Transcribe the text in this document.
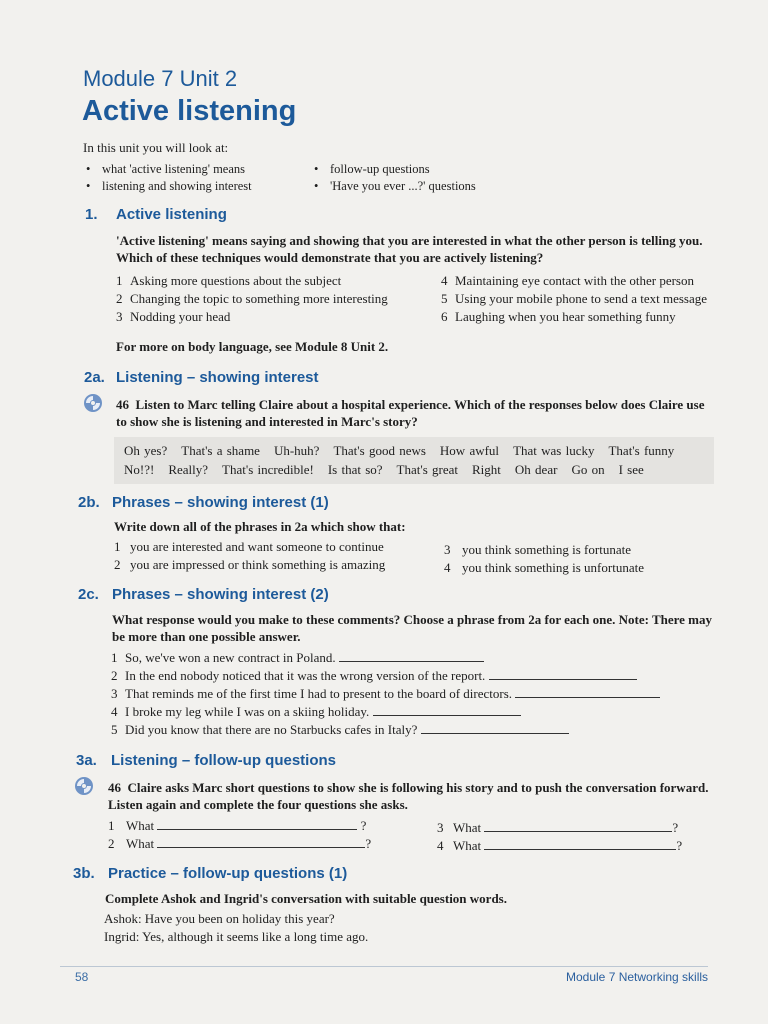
Module 7 Unit 2
Active listening
In this unit you will look at:
• what 'active listening' means
• listening and showing interest
• follow-up questions
• 'Have you ever ...?' questions
1. Active listening
'Active listening' means saying and showing that you are interested in what the other person is telling you. Which of these techniques would demonstrate that you are actively listening?
1 Asking more questions about the subject
2 Changing the topic to something more interesting
3 Nodding your head
4 Maintaining eye contact with the other person
5 Using your mobile phone to send a text message
6 Laughing when you hear something funny
For more on body language, see Module 8 Unit 2.
2a. Listening – showing interest
46 Listen to Marc telling Claire about a hospital experience. Which of the responses below does Claire use to show she is listening and interested in Marc's story?
Oh yes? That's a shame Uh-huh? That's good news How awful That was lucky That's funny
No!?! Really? That's incredible! Is that so? That's great Right Oh dear Go on I see
2b. Phrases – showing interest (1)
Write down all of the phrases in 2a which show that:
1 you are interested and want someone to continue
2 you are impressed or think something is amazing
3 you think something is fortunate
4 you think something is unfortunate
2c. Phrases – showing interest (2)
What response would you make to these comments? Choose a phrase from 2a for each one. Note: There may be more than one possible answer.
1 So, we've won a new contract in Poland.
2 In the end nobody noticed that it was the wrong version of the report.
3 That reminds me of the first time I had to present to the board of directors.
4 I broke my leg while I was on a skiing holiday.
5 Did you know that there are no Starbucks cafes in Italy?
3a. Listening – follow-up questions
46 Claire asks Marc short questions to show she is following his story and to push the conversation forward. Listen again and complete the four questions she asks.
1 What	?
2 What	?
3 What	?
4 What	?
3b. Practice – follow-up questions (1)
Complete Ashok and Ingrid's conversation with suitable question words.
Ashok: Have you been on holiday this year?
Ingrid: Yes, although it seems like a long time ago.
58	Module 7 Networking skills
